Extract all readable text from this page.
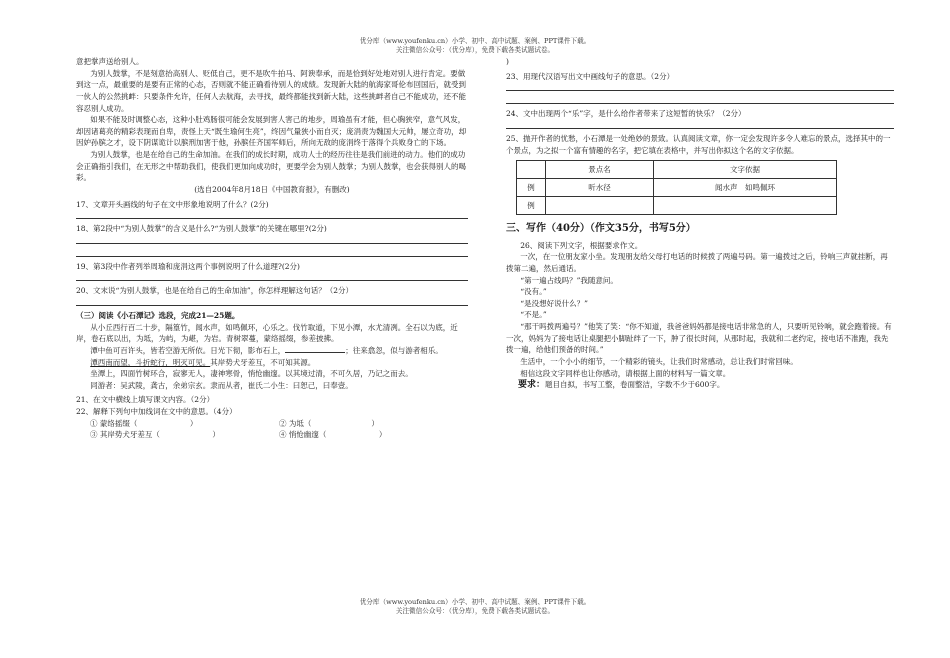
优分库（www.youfenku.cn）小学、初中、高中试题、案例、PPT课件下载。
关注微信公众号：（优分库），免费下载各类试题试卷。

意把掌声送给别人。

为别人鼓掌，不是刻意抬高别人、贬低自己，更不是吹牛拍马、阿谀奉承，而是恰到好处地对别人进行肯定。要做到这一点，最重要的是要有正常的心态，否则就不能正确看待别人的成绩。发现新大陆的航海家哥伦布回国后，就受到一伙人的公然挑衅：只要条件允许，任何人去航海，去寻找，最终都能找到新大陆，这些挑衅者自己不能成功，还不能容忍别人成功。

如果不能及时调整心态，这种小肚鸡肠很可能会发展到害人害己的地步，周瑜虽有才能，但心胸狭窄，意气风发，却因诸葛亮的精彩表现而自卑，责怪上天“既生瑜何生亮”，终因气量狭小而自灭；庞涓责为魏国大元帅，屡立奇功，却因妒孙膑之才，设下阴谋诡计以膑刑加害于他，孙膑任齐国军师后，所向无敌的庞涓终于落得个兵败身亡的下场。

为别人鼓掌，也是在给自己的生命加油。在我们的成长时期，成功人士的经历往往是我们前进的动力。他们的成功会正确指引我们，在无形之中帮助我们，使我们更加向成功时，更要学会为别人鼓掌；为别人鼓掌，也会获得别人的喝彩。

(选自2004年8月18日《中国教育报》，有删改)

17、文章开头画线的句子在文中形象地说明了什么？(2分)

18、第2段中“为别人鼓掌”的含义是什么?“为别人鼓掌”的关键在哪里?(2分)

19、第3段中作者列举周瑜和庞涓这两个事例说明了什么道理?(2分)

20、文末说“为别人鼓掌，也是在给自己的生命加油”，你怎样理解这句话？（2分）

（三）阅读《小石潭记》选段，完成21—25题。

从小丘西行百二十步，隔篁竹，闻水声，如鸣佩环，心乐之。伐竹取道，下见小潭，水尤清冽。全石以为底，近岸，卷石底以出，为坻，为屿，为嵁，为岩。青树翠蔓，蒙络摇缀，参差披拂。

潭中鱼可百许头，皆若空游无所依。日光下彻，影布石上，	；往来翕忽，似与游者相乐。

潭西南而望，斗折蛇行，明灭可见。其岸势犬牙差互，不可知其源。

坐潭上，四面竹树环合，寂寥无人，凄神寒骨，悄怆幽邃。以其境过清，不可久居，乃记之而去。

同游者：吴武陵，龚古，余弟宗玄。隶而从者，崔氏二小生：曰恕己，曰奉壹。

21、在文中横线上填写课文内容。（2分）

22、解释下列句中加线词在文中的意思。（4分）

① 蒙络摇缀（　　　　　　　）	② 为坻（　　　　　　　　）
③ 其岸势犬牙差互（　　　　　　　）	④ 悄怆幽邃（　　　　　　　）

)

23、用现代汉语写出文中画线句子的意思。（2分）

24、文中出现两个“乐”字，是什么给作者带来了这短暂的快乐？（2分）

25、抛开作者的忧愁，小石潭是一处绝妙的景致。认真阅读文章，你一定会发现许多令人难忘的景点，选择其中的一个景点，为之拟一个富有情趣的名字，把它填在表格中，并写出你拟这个名的文字依据。

	景点名	文字依据
例	听水径	闻水声　如鸣佩环
例		

三、写作（40分）（作文35分，书写5分）

26、阅读下列文字，根据要求作文。

一次，在一位朋友家小坐。发现朋友给父母打电话的时候拨了两遍号码。第一遍拨过之后，铃响三声就挂断，再拨第二遍，然后通话。

“第一遍占线吗？”我随意问。

“没有。”

“是没想好说什么？”

“不是。”

“那干吗拨两遍号？”他笑了笑：“你不知道，我爸爸妈妈都是接电话非常急的人，只要听见铃响，就会跑着接。有一次，妈妈为了接电话让桌腿把小脚趾绊了一下，肿了很长时间，从那时起，我就和二老约定，接电话不准跑，我先拨一遍，给他们预备的时间。”

生活中，一个小小的细节，一个精彩的镜头，让我们时常感动，总让我们时常回味。

相信这段文字同样也让你感动，请根据上面的材料写一篇文章。

要求：题目自拟，书写工整，卷面整洁，字数不少于600字。

优分库（www.youfenku.cn）小学、初中、高中试题、案例、PPT课件下载。
关注微信公众号：（优分库），免费下载各类试题试卷。
